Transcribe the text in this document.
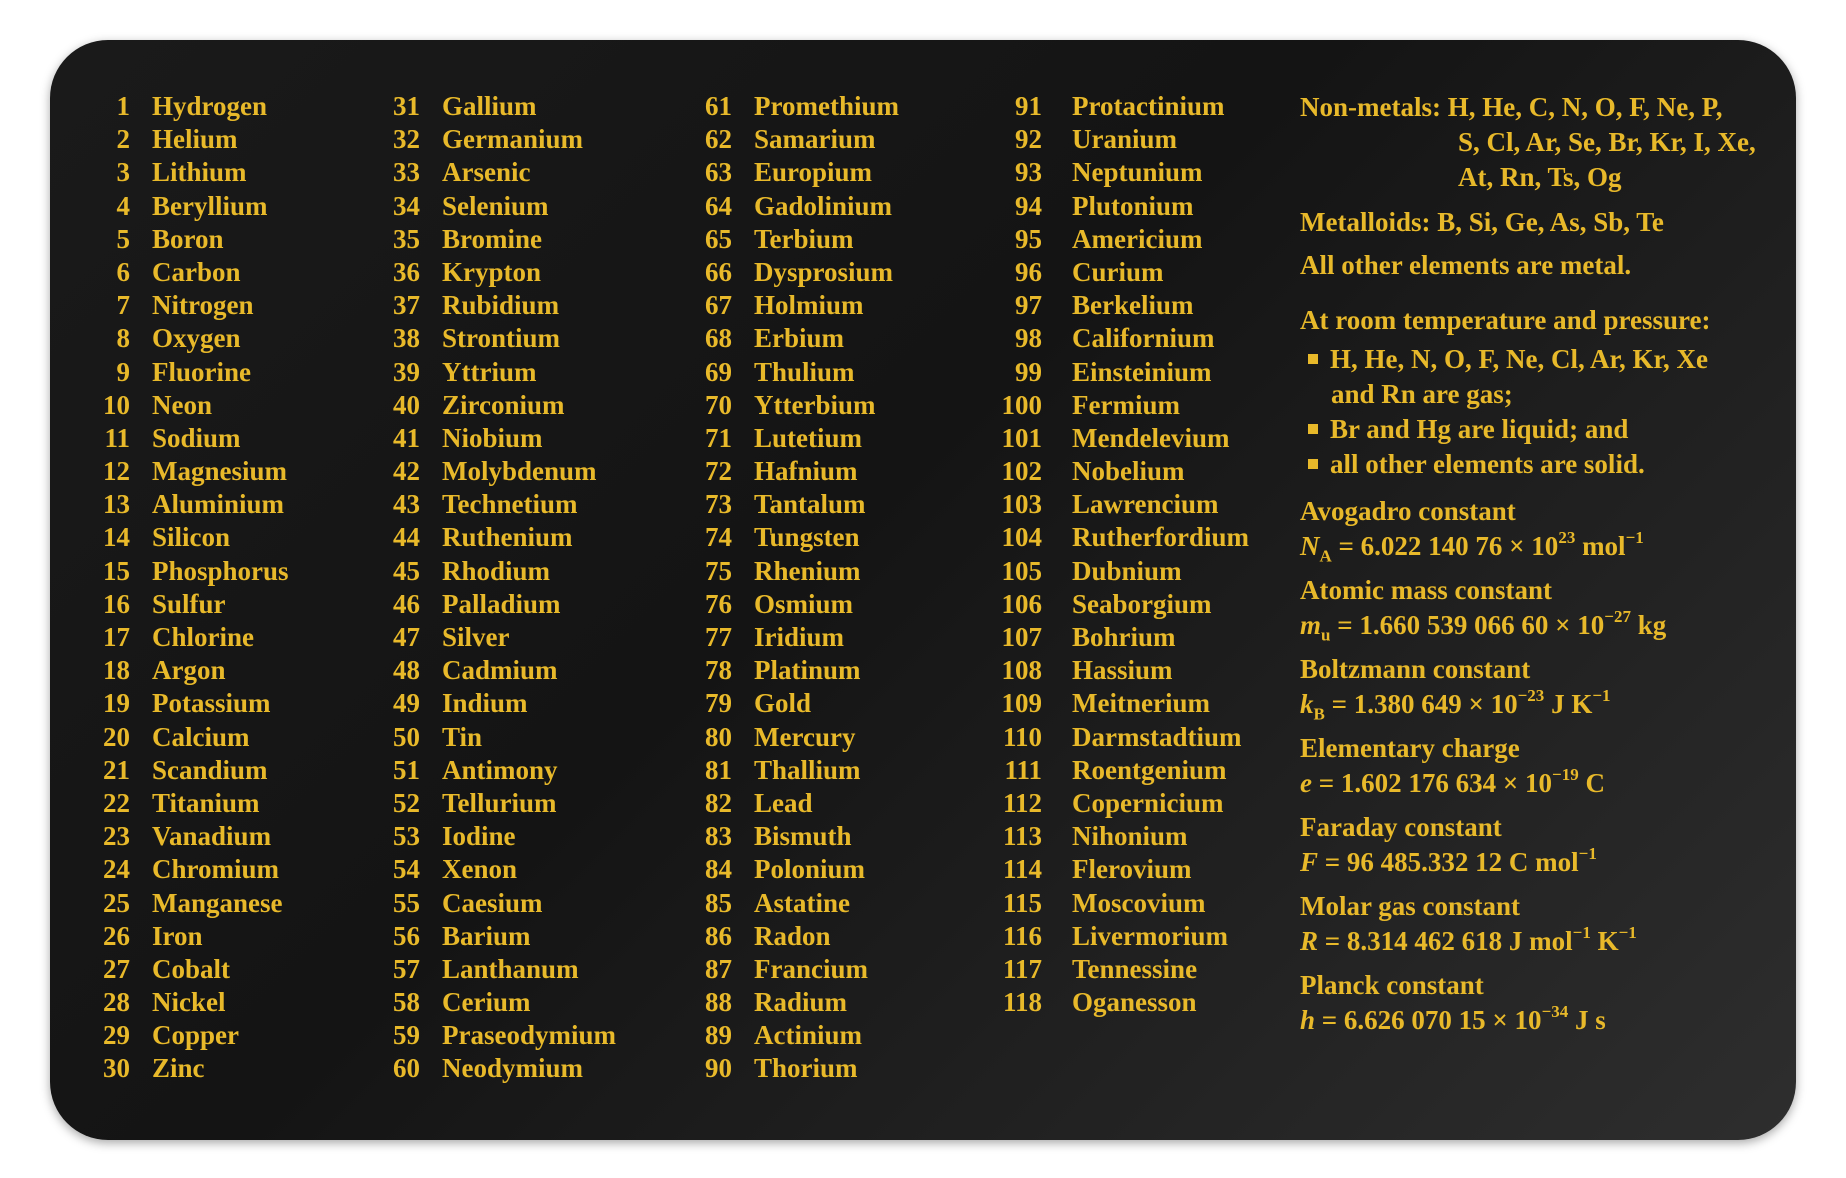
1 Hydrogen
2 Helium
3 Lithium
4 Beryllium
5 Boron
6 Carbon
7 Nitrogen
8 Oxygen
9 Fluorine
10 Neon
11 Sodium
12 Magnesium
13 Aluminium
14 Silicon
15 Phosphorus
16 Sulfur
17 Chlorine
18 Argon
19 Potassium
20 Calcium
21 Scandium
22 Titanium
23 Vanadium
24 Chromium
25 Manganese
26 Iron
27 Cobalt
28 Nickel
29 Copper
30 Zinc
31 Gallium
32 Germanium
33 Arsenic
34 Selenium
35 Bromine
36 Krypton
37 Rubidium
38 Strontium
39 Yttrium
40 Zirconium
41 Niobium
42 Molybdenum
43 Technetium
44 Ruthenium
45 Rhodium
46 Palladium
47 Silver
48 Cadmium
49 Indium
50 Tin
51 Antimony
52 Tellurium
53 Iodine
54 Xenon
55 Caesium
56 Barium
57 Lanthanum
58 Cerium
59 Praseodymium
60 Neodymium
61 Promethium
62 Samarium
63 Europium
64 Gadolinium
65 Terbium
66 Dysprosium
67 Holmium
68 Erbium
69 Thulium
70 Ytterbium
71 Lutetium
72 Hafnium
73 Tantalum
74 Tungsten
75 Rhenium
76 Osmium
77 Iridium
78 Platinum
79 Gold
80 Mercury
81 Thallium
82 Lead
83 Bismuth
84 Polonium
85 Astatine
86 Radon
87 Francium
88 Radium
89 Actinium
90 Thorium
91 Protactinium
92 Uranium
93 Neptunium
94 Plutonium
95 Americium
96 Curium
97 Berkelium
98 Californium
99 Einsteinium
100 Fermium
101 Mendelevium
102 Nobelium
103 Lawrencium
104 Rutherfordium
105 Dubnium
106 Seaborgium
107 Bohrium
108 Hassium
109 Meitnerium
110 Darmstadtium
111 Roentgenium
112 Copernicium
113 Nihonium
114 Flerovium
115 Moscovium
116 Livermorium
117 Tennessine
118 Oganesson
Non-metals: H, He, C, N, O, F, Ne, P,
S, Cl, Ar, Se, Br, Kr, I, Xe,
At, Rn, Ts, Og
Metalloids: B, Si, Ge, As, Sb, Te
All other elements are metal.
At room temperature and pressure:
H, He, N, O, F, Ne, Cl, Ar, Kr, Xe
and Rn are gas;
Br and Hg are liquid; and
all other elements are solid.
Avogadro constant
$N_A = 6.022$ 140 $76 \times 10^{23}$ mol$^{-1}$
Atomic mass constant
$m_u = 1.660$ 539 066 $60 \times 10^{-27}$ kg
Boltzmann constant
$k_B = 1.380$ $649 \times 10^{-23}$ J $K^{-1}$
Elementary charge
e = 1.602 176 $634 \times 10^{-19}$ C
Faraday constant
F = 96 485.332 12 C mol$^{-1}$
Molar gas constant
R = 8.314 462 618 J mol$^{-1}$ $K^{-1}$
Planck constant
h = 6.626 070 $15 \times 10^{-34}$ J s
